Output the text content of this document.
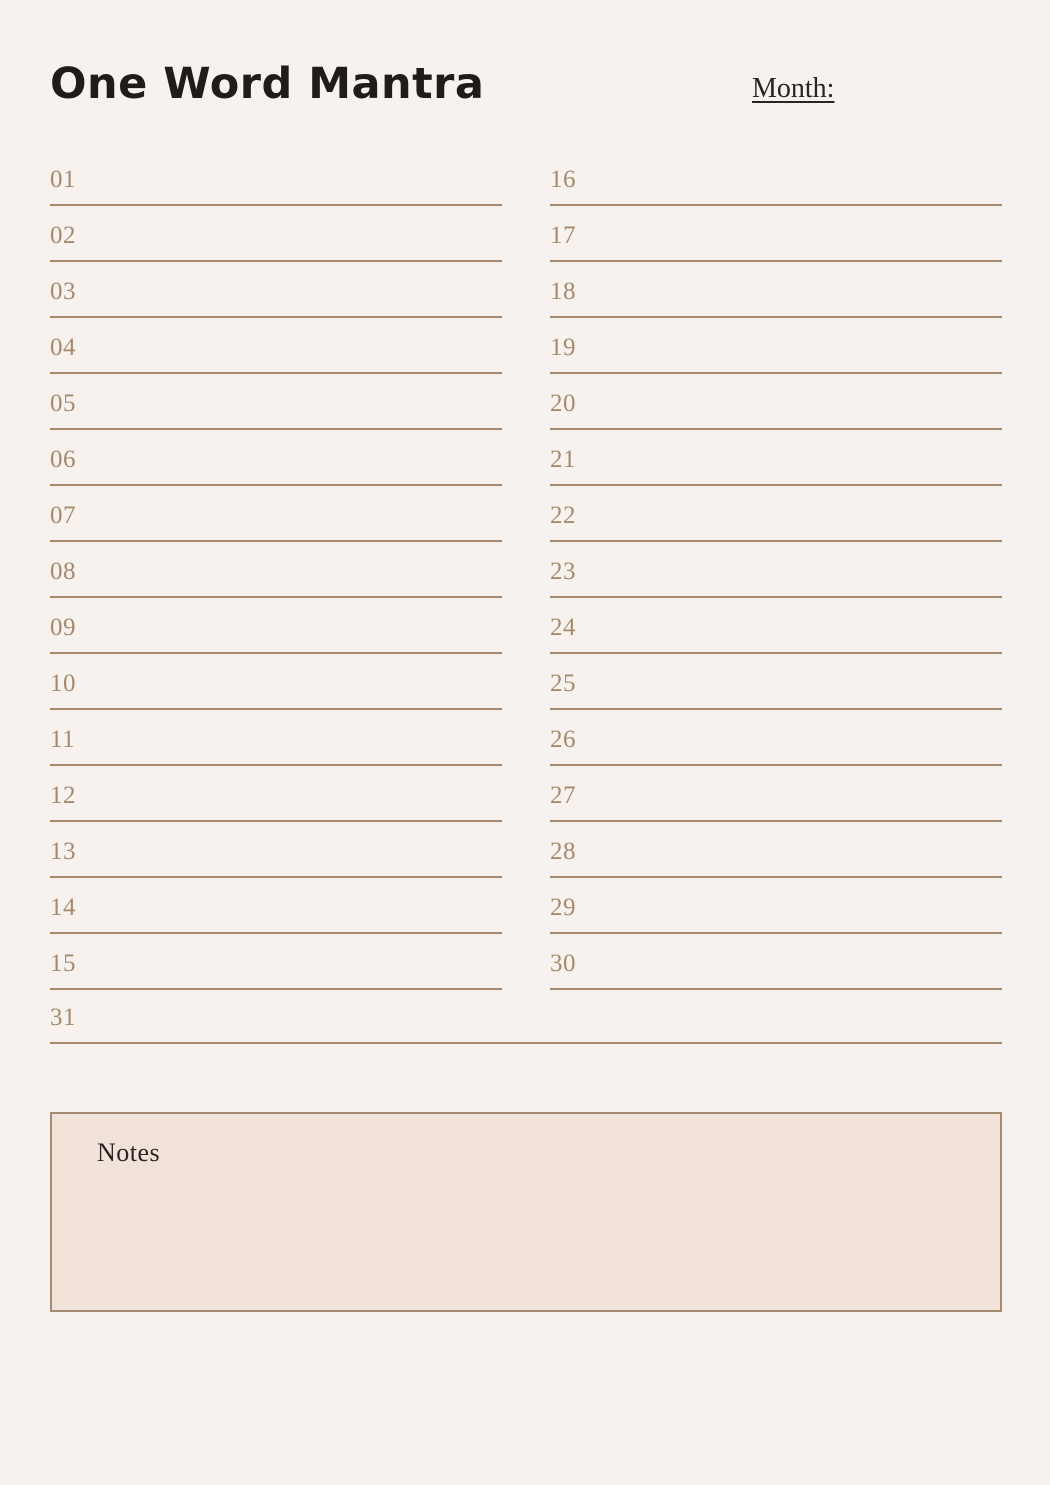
One Word Mantra	Month:
01
02
03
04
05
06
07
08
09
10
11
12
13
14
15
16
17
18
19
20
21
22
23
24
25
26
27
28
29
30
31
Notes
